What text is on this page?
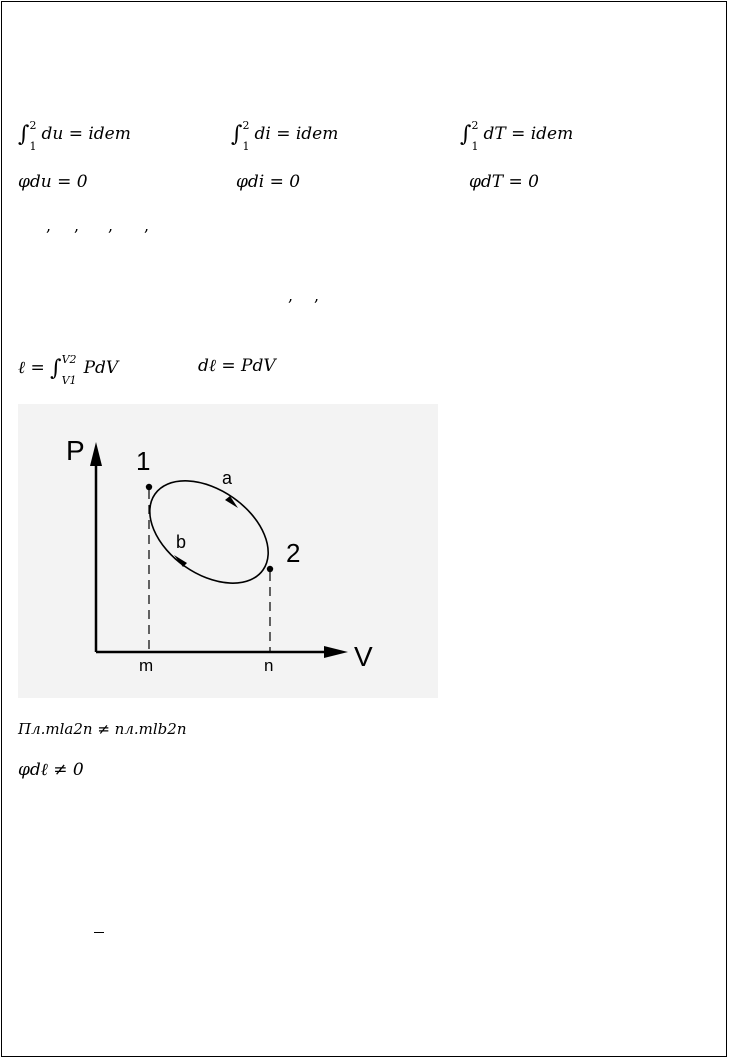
∫ 2
1
du = idem	∫ 2
1
di = idem	∫ 2
1
dT = idem
φdu = 0	φdi = 0	φdT = 0
, , , ,
, ,
ℓ = ∫ V2
V1
PdV	dℓ = PdV
P
V
1
2
a
b
m	n
Пл.mla2n ≠ пл.mlb2n
φdℓ ≠ 0
